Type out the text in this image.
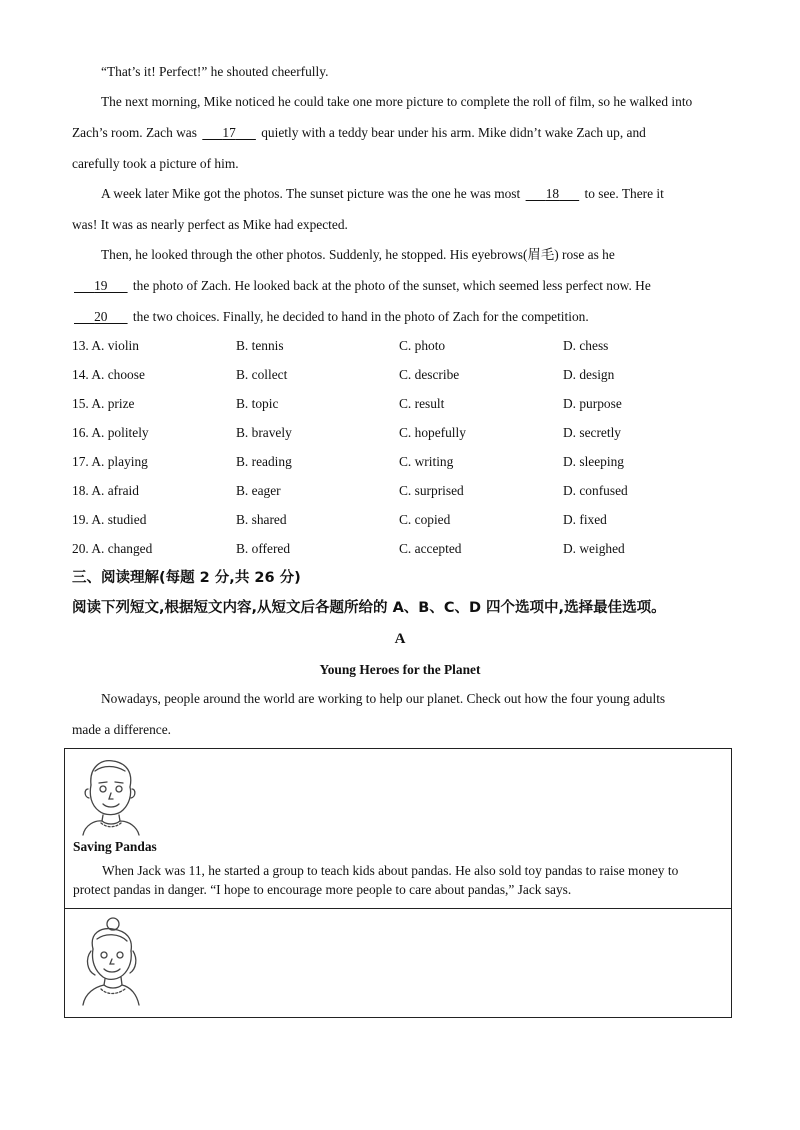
“That’s it! Perfect!” he shouted cheerfully.
The next morning, Mike noticed he could take one more picture to complete the roll of film, so he walked into
Zach’s room. Zach was 17 quietly with a teddy bear under his arm. Mike didn’t wake Zach up, and
carefully took a picture of him.
A week later Mike got the photos. The sunset picture was the one he was most 18 to see. There it
was! It was as nearly perfect as Mike had expected.
Then, he looked through the other photos. Suddenly, he stopped. His eyebrows(眉毛) rose as he
19 the photo of Zach. He looked back at the photo of the sunset, which seemed less perfect now. He
20 the two choices. Finally, he decided to hand in the photo of Zach for the competition.
13. A. violin	B. tennis	C. photo	D. chess
14. A. choose	B. collect	C. describe	D. design
15. A. prize	B. topic	C. result	D. purpose
16. A. politely	B. bravely	C. hopefully	D. secretly
17. A. playing	B. reading	C. writing	D. sleeping
18. A. afraid	B. eager	C. surprised	D. confused
19. A. studied	B. shared	C. copied	D. fixed
20. A. changed	B. offered	C. accepted	D. weighed
三、阅读理解(每题 2 分,共 26 分)
阅读下列短文,根据短文内容,从短文后各题所给的 A、B、C、D 四个选项中,选择最佳选项。
A
Young Heroes for the Planet
Nowadays, people around the world are working to help our planet. Check out how the four young adults
made a difference.
Saving Pandas
When Jack was 11, he started a group to teach kids about pandas. He also sold toy pandas to raise money to
protect pandas in danger. “I hope to encourage more people to care about pandas,” Jack says.
